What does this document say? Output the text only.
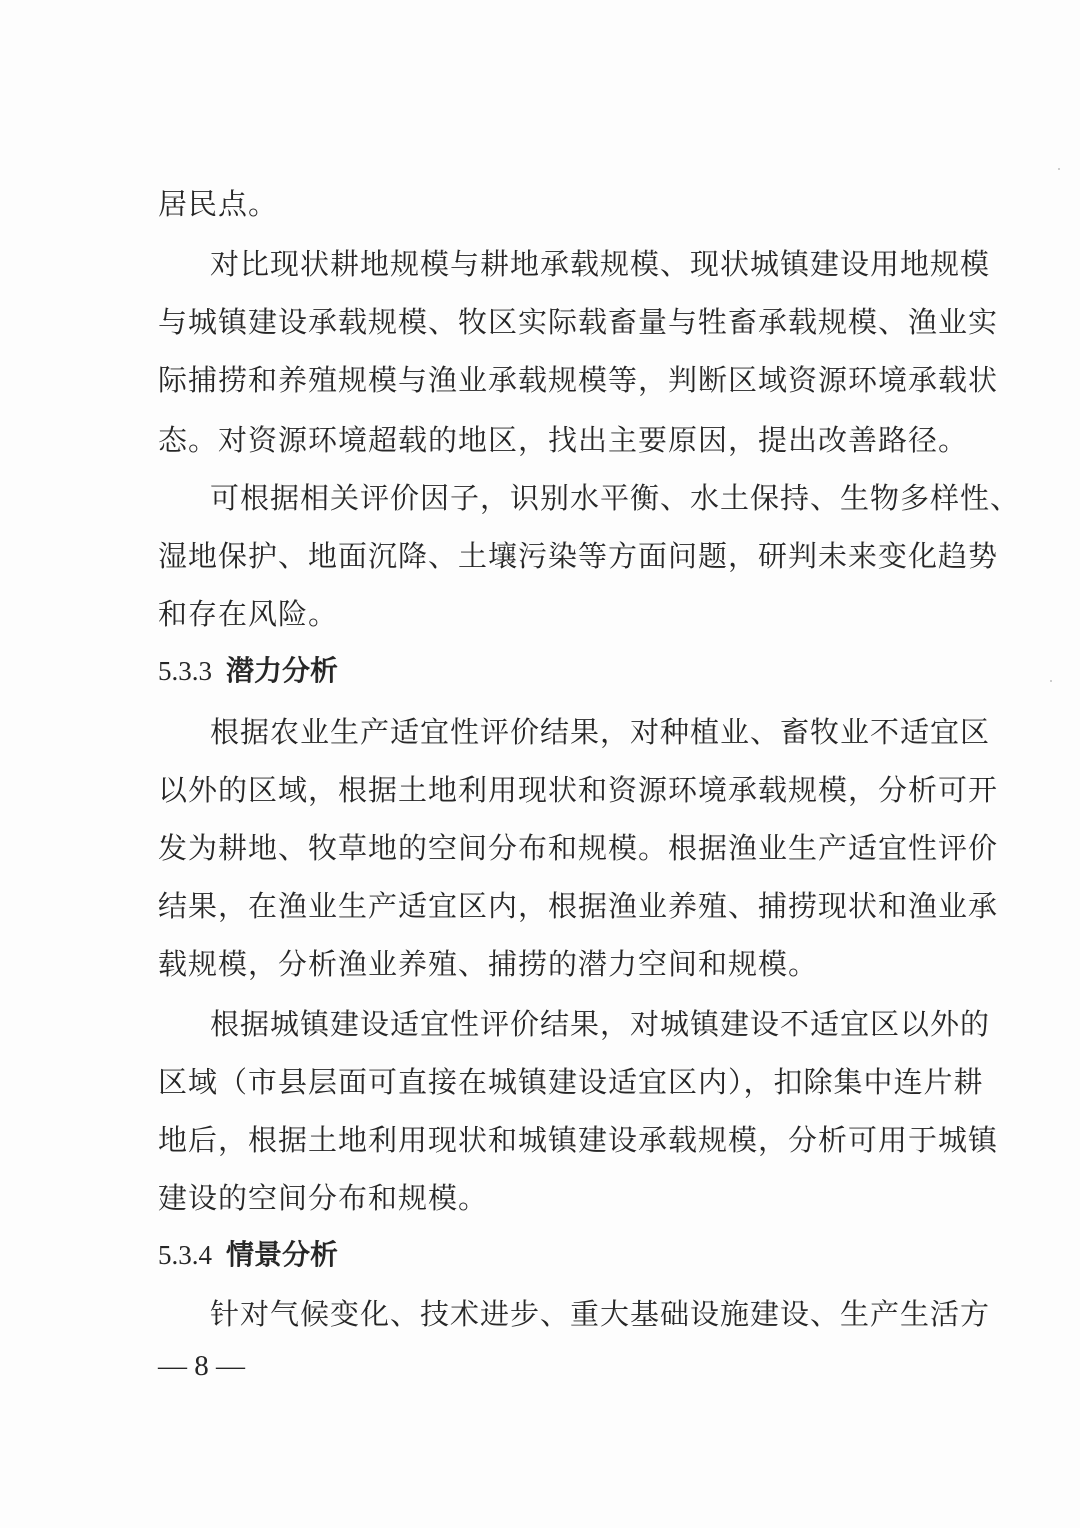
居民点。
对比现状耕地规模与耕地承载规模、现状城镇建设用地规模
与城镇建设承载规模、牧区实际载畜量与牲畜承载规模、渔业实
际捕捞和养殖规模与渔业承载规模等，判断区域资源环境承载状
态。对资源环境超载的地区，找出主要原因，提出改善路径。
可根据相关评价因子，识别水平衡、水土保持、生物多样性、
湿地保护、地面沉降、土壤污染等方面问题，研判未来变化趋势
和存在风险。
5.3.3 潜力分析
根据农业生产适宜性评价结果，对种植业、畜牧业不适宜区
以外的区域，根据土地利用现状和资源环境承载规模，分析可开
发为耕地、牧草地的空间分布和规模。根据渔业生产适宜性评价
结果，在渔业生产适宜区内，根据渔业养殖、捕捞现状和渔业承
载规模，分析渔业养殖、捕捞的潜力空间和规模。
根据城镇建设适宜性评价结果，对城镇建设不适宜区以外的
区域（市县层面可直接在城镇建设适宜区内），扣除集中连片耕
地后，根据土地利用现状和城镇建设承载规模，分析可用于城镇
建设的空间分布和规模。
5.3.4 情景分析
针对气候变化、技术进步、重大基础设施建设、生产生活方
— 8 —
